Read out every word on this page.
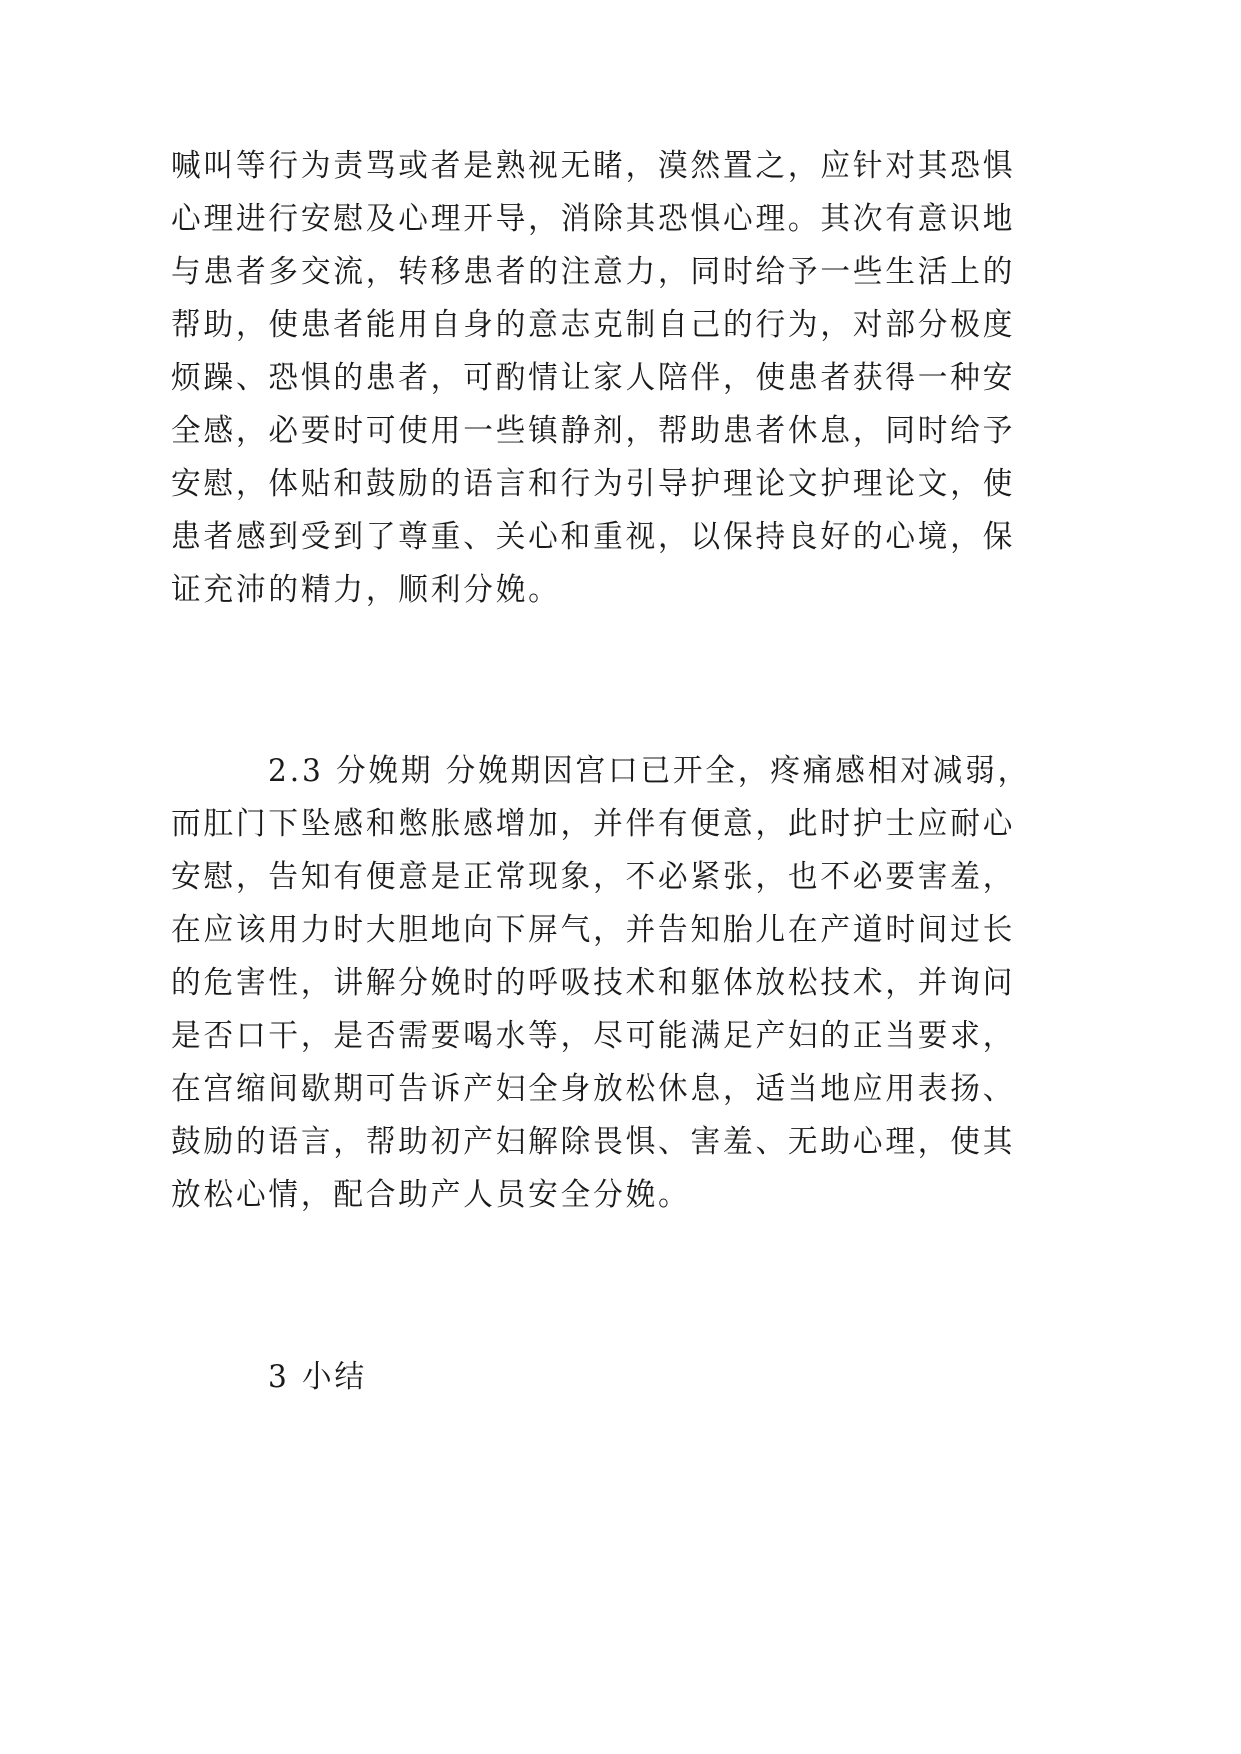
喊叫等行为责骂或者是熟视无睹，漠然置之，应针对其恐惧
心理进行安慰及心理开导，消除其恐惧心理。其次有意识地
与患者多交流，转移患者的注意力，同时给予一些生活上的
帮助，使患者能用自身的意志克制自己的行为，对部分极度
烦躁、恐惧的患者，可酌情让家人陪伴，使患者获得一种安
全感，必要时可使用一些镇静剂，帮助患者休息，同时给予
安慰，体贴和鼓励的语言和行为引导护理论文护理论文，使
患者感到受到了尊重、关心和重视，以保持良好的心境，保
证充沛的精力，顺利分娩。
2.3 分娩期 分娩期因宫口已开全，疼痛感相对减弱，
而肛门下坠感和憋胀感增加，并伴有便意，此时护士应耐心
安慰，告知有便意是正常现象，不必紧张，也不必要害羞，
在应该用力时大胆地向下屏气，并告知胎儿在产道时间过长
的危害性，讲解分娩时的呼吸技术和躯体放松技术，并询问
是否口干，是否需要喝水等，尽可能满足产妇的正当要求，
在宫缩间歇期可告诉产妇全身放松休息，适当地应用表扬、
鼓励的语言，帮助初产妇解除畏惧、害羞、无助心理，使其
放松心情，配合助产人员安全分娩。
3 小结
